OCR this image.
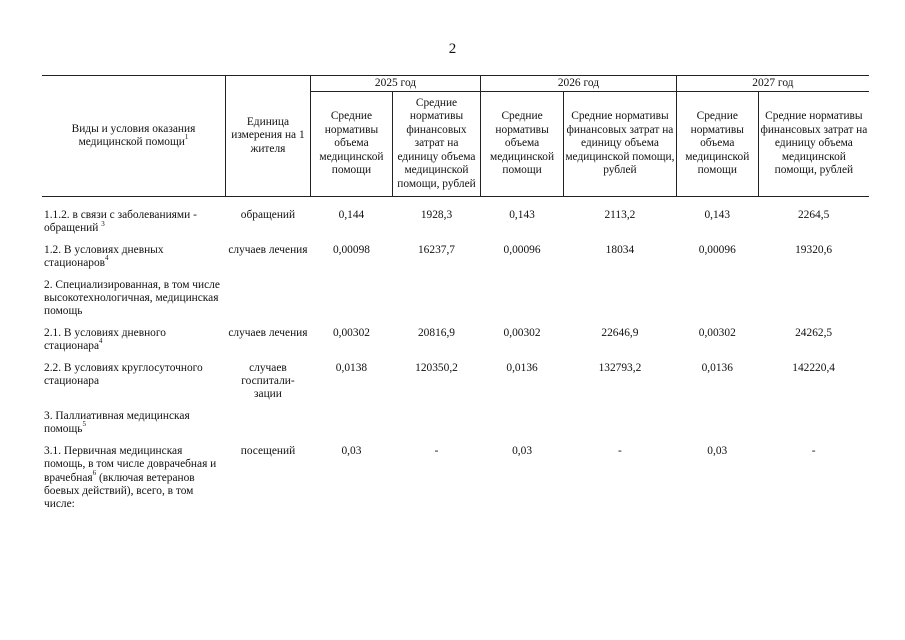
2
Виды и условия оказания медицинской помощи$^1$	Единица измерения на 1 жителя	2025 год		2026 год		2027 год	
		Средние нормативы объема медицинской помощи	Средние нормативы финансовых затрат на единицу объема медицинской помощи, рублей	Средние нормативы объема медицинской помощи	Средние нормативы финансовых затрат на единицу объема медицинской помощи, рублей	Средние нормативы объема медицинской помощи	Средние нормативы финансовых затрат на единицу объема медицинской помощи, рублей

1.1.2. в связи с заболеваниями - обращений $^3$	обращений	0,144	1928,3	0,143	2113,2	0,143	2264,5
1.2. В условиях дневных стационаров$^4$	случаев лечения	0,00098	16237,7	0,00096	18034	0,00096	19320,6
2. Специализированная, в том числе высокотехнологичная, медицинская помощь							
2.1. В условиях дневного стационара$^4$	случаев лечения	0,00302	20816,9	0,00302	22646,9	0,00302	24262,5
2.2. В условиях круглосуточного стационара	случаев госпитали-зации	0,0138	120350,2	0,0136	132793,2	0,0136	142220,4
3. Паллиативная медицинская помощь$^5$							
3.1. Первичная медицинская помощь, в том числе доврачебная и врачебная$^6$ (включая ветеранов боевых действий), всего, в том числе:	посещений	0,03	-	0,03	-	0,03	-
